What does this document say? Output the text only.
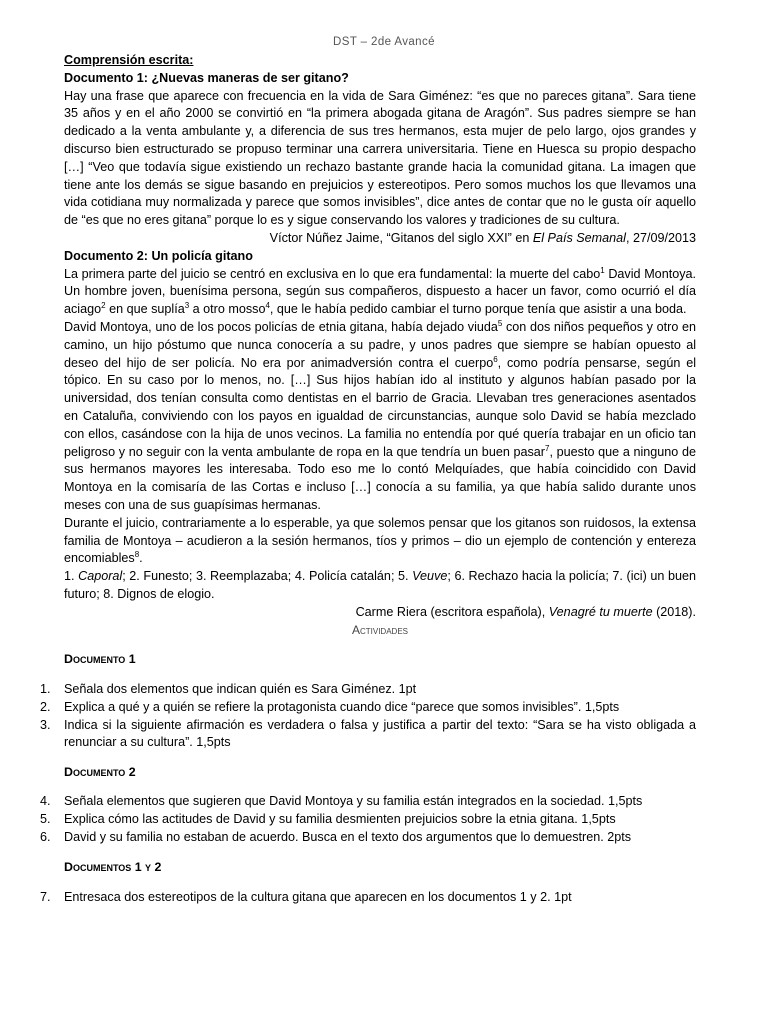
DST – 2de Avancé
Comprensión escrita:
Documento 1: ¿Nuevas maneras de ser gitano?
Hay una frase que aparece con frecuencia en la vida de Sara Giménez: “es que no pareces gitana”. Sara tiene 35 años y en el año 2000 se convirtió en “la primera abogada gitana de Aragón”. Sus padres siempre se han dedicado a la venta ambulante y, a diferencia de sus tres hermanos, esta mujer de pelo largo, ojos grandes y discurso bien estructurado se propuso terminar una carrera universitaria. Tiene en Huesca su propio despacho […] “Veo que todavía sigue existiendo un rechazo bastante grande hacia la comunidad gitana. La imagen que tiene ante los demás se sigue basando en prejuicios y estereotipos. Pero somos muchos los que llevamos una vida cotidiana muy normalizada y parece que somos invisibles”, dice antes de contar que no le gusta oír aquello de “es que no eres gitana” porque lo es y sigue conservando los valores y tradiciones de su cultura.
Víctor Núñez Jaime, “Gitanos del siglo XXI” en El País Semanal, 27/09/2013
Documento 2: Un policía gitano
La primera parte del juicio se centró en exclusiva en lo que era fundamental: la muerte del cabo$^1$ David Montoya. Un hombre joven, buenísima persona, según sus compañeros, dispuesto a hacer un favor, como ocurrió el día aciago$^2$ en que suplía$^3$ a otro mosso$^4$, que le había pedido cambiar el turno porque tenía que asistir a una boda.
David Montoya, uno de los pocos policías de etnia gitana, había dejado viuda$^5$ con dos niños pequeños y otro en camino, un hijo póstumo que nunca conocería a su padre, y unos padres que siempre se habían opuesto al deseo del hijo de ser policía. No era por animadversión contra el cuerpo$^6$, como podría pensarse, según el tópico. En su caso por lo menos, no. […] Sus hijos habían ido al instituto y algunos habían pasado por la universidad, dos tenían consulta como dentistas en el barrio de Gracia. Llevaban tres generaciones asentados en Cataluña, conviviendo con los payos en igualdad de circunstancias, aunque solo David se había mezclado con ellos, casándose con la hija de unos vecinos. La familia no entendía por qué quería trabajar en un oficio tan peligroso y no seguir con la venta ambulante de ropa en la que tendría un buen pasar$^7$, puesto que a ninguno de sus hermanos mayores les interesaba. Todo eso me lo contó Melquíades, que había coincidido con David Montoya en la comisaría de las Cortas e incluso […] conocía a su familia, ya que había salido durante unos meses con una de sus guapísimas hermanas.
Durante el juicio, contrariamente a lo esperable, ya que solemos pensar que los gitanos son ruidosos, la extensa familia de Montoya – acudieron a la sesión hermanos, tíos y primos – dio un ejemplo de contención y entereza encomiables$^8$.
1. Caporal; 2. Funesto; 3. Reemplazaba; 4. Policía catalán; 5. Veuve; 6. Rechazo hacia la policía; 7. (ici) un buen futuro; 8. Dignos de elogio.
Carme Riera (escritora española), Venagré tu muerte (2018).
Actividades
Documento 1
1.	Señala dos elementos que indican quién es Sara Giménez. 1pt
2.	Explica a qué y a quién se refiere la protagonista cuando dice “parece que somos invisibles”. 1,5pts
3.	Indica si la siguiente afirmación es verdadera o falsa y justifica a partir del texto: “Sara se ha visto obligada a renunciar a su cultura”. 1,5pts
Documento 2
4.	Señala elementos que sugieren que David Montoya y su familia están integrados en la sociedad. 1,5pts
5.	Explica cómo las actitudes de David y su familia desmienten prejuicios sobre la etnia gitana. 1,5pts
6.	David y su familia no estaban de acuerdo. Busca en el texto dos argumentos que lo demuestren. 2pts
Documentos 1 y 2
7.	Entresaca dos estereotipos de la cultura gitana que aparecen en los documentos 1 y 2. 1pt
